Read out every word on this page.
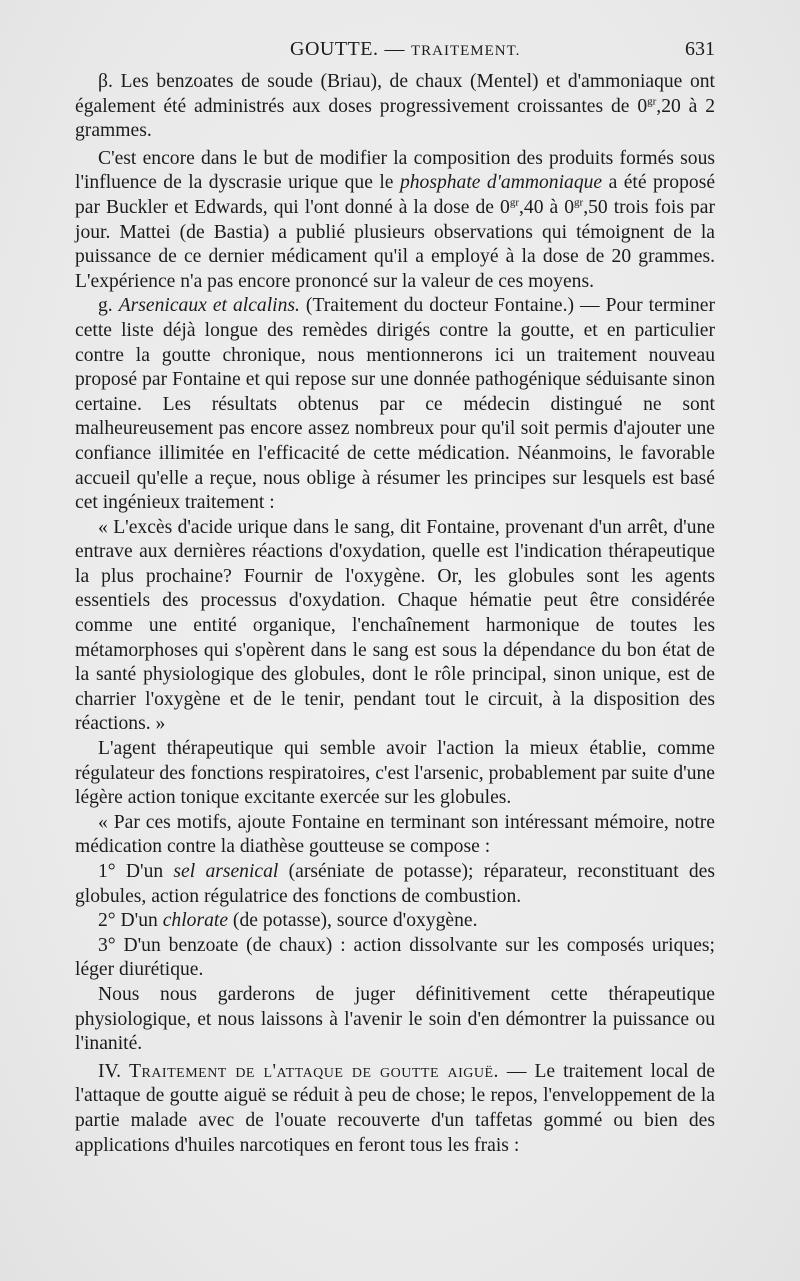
GOUTTE. — TRAITEMENT.	631

β. Les benzoates de soude (Briau), de chaux (Mentel) et d'ammoniaque ont également été administrés aux doses progressivement croissantes de $0^{gr},20$ à 2 grammes.

C'est encore dans le but de modifier la composition des produits formés sous l'influence de la dyscrasie urique que le phosphate d'ammoniaque a été proposé par Buckler et Edwards, qui l'ont donné à la dose de $0^{gr},40$ à $0^{gr},50$ trois fois par jour. Mattei (de Bastia) a publié plusieurs observations qui témoignent de la puissance de ce dernier médicament qu'il a employé à la dose de 20 grammes. L'expérience n'a pas encore prononcé sur la valeur de ces moyens.

g. Arsenicaux et alcalins. (Traitement du docteur Fontaine.) — Pour terminer cette liste déjà longue des remèdes dirigés contre la goutte, et en particulier contre la goutte chronique, nous mentionnerons ici un traitement nouveau proposé par Fontaine et qui repose sur une donnée pathogénique séduisante sinon certaine. Les résultats obtenus par ce médecin distingué ne sont malheureusement pas encore assez nombreux pour qu'il soit permis d'ajouter une confiance illimitée en l'efficacité de cette médication. Néanmoins, le favorable accueil qu'elle a reçue, nous oblige à résumer les principes sur lesquels est basé cet ingénieux traitement :

« L'excès d'acide urique dans le sang, dit Fontaine, provenant d'un arrêt, d'une entrave aux dernières réactions d'oxydation, quelle est l'indication thérapeutique la plus prochaine? Fournir de l'oxygène. Or, les globules sont les agents essentiels des processus d'oxydation. Chaque hématie peut être considérée comme une entité organique, l'enchaînement harmonique de toutes les métamorphoses qui s'opèrent dans le sang est sous la dépendance du bon état de la santé physiologique des globules, dont le rôle principal, sinon unique, est de charrier l'oxygène et de le tenir, pendant tout le circuit, à la disposition des réactions. »

L'agent thérapeutique qui semble avoir l'action la mieux établie, comme régulateur des fonctions respiratoires, c'est l'arsenic, probablement par suite d'une légère action tonique excitante exercée sur les globules.

« Par ces motifs, ajoute Fontaine en terminant son intéressant mémoire, notre médication contre la diathèse goutteuse se compose :

1° D'un sel arsenical (arséniate de potasse); réparateur, reconstituant des globules, action régulatrice des fonctions de combustion.

2° D'un chlorate (de potasse), source d'oxygène.

3° D'un benzoate (de chaux) : action dissolvante sur les composés uriques; léger diurétique.

Nous nous garderons de juger définitivement cette thérapeutique physiologique, et nous laissons à l'avenir le soin d'en démontrer la puissance ou l'inanité.

IV. Traitement de l'attaque de goutte aiguë. — Le traitement local de l'attaque de goutte aiguë se réduit à peu de chose; le repos, l'enveloppement de la partie malade avec de l'ouate recouverte d'un taffetas gommé ou bien des applications d'huiles narcotiques en feront tous les frais :
